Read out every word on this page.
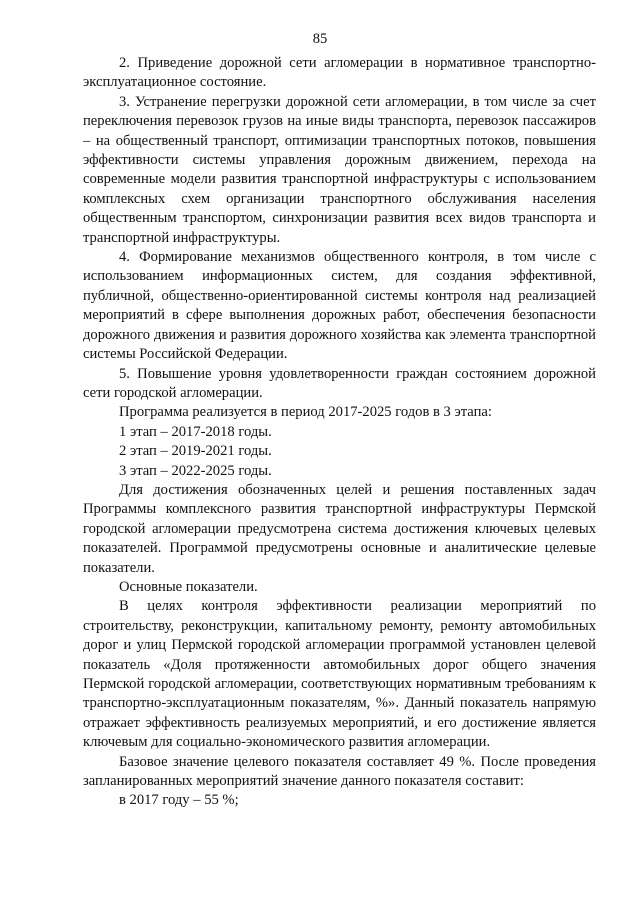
85

2. Приведение дорожной сети агломерации в нормативное транспортно-эксплуатационное состояние.

3. Устранение перегрузки дорожной сети агломерации, в том числе за счет переключения перевозок грузов на иные виды транспорта, перевозок пассажиров – на общественный транспорт, оптимизации транспортных потоков, повышения эффективности системы управления дорожным движением, перехода на современные модели развития транспортной инфраструктуры с использованием комплексных схем организации транспортного обслуживания населения общественным транспортом, синхронизации развития всех видов транспорта и транспортной инфраструктуры.

4. Формирование механизмов общественного контроля, в том числе с использованием информационных систем, для создания эффективной, публичной, общественно-ориентированной системы контроля над реализацией мероприятий в сфере выполнения дорожных работ, обеспечения безопасности дорожного движения и развития дорожного хозяйства как элемента транспортной системы Российской Федерации.

5. Повышение уровня удовлетворенности граждан состоянием дорожной сети городской агломерации.

Программа реализуется в период 2017-2025 годов в 3 этапа:

1 этап – 2017-2018 годы.

2 этап – 2019-2021 годы.

3 этап – 2022-2025 годы.

Для достижения обозначенных целей и решения поставленных задач Программы комплексного развития транспортной инфраструктуры Пермской городской агломерации предусмотрена система достижения ключевых целевых показателей. Программой предусмотрены основные и аналитические целевые показатели.

Основные показатели.

В целях контроля эффективности реализации мероприятий по строительству, реконструкции, капитальному ремонту, ремонту автомобильных дорог и улиц Пермской городской агломерации программой установлен целевой показатель «Доля протяженности автомобильных дорог общего значения Пермской городской агломерации, соответствующих нормативным требованиям к транспортно-эксплуатационным показателям, %». Данный показатель напрямую отражает эффективность реализуемых мероприятий, и его достижение является ключевым для социально-экономического развития агломерации.

Базовое значение целевого показателя составляет 49 %. После проведения запланированных мероприятий значение данного показателя составит:

в 2017 году – 55 %;
